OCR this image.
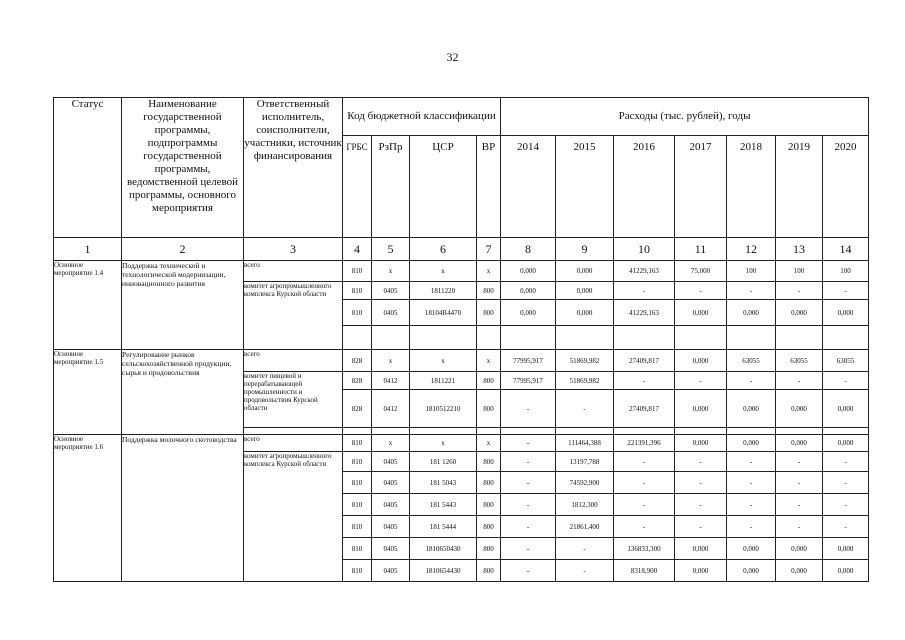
32
Статус	Наименование государственной программы, подпрограммы государственной программы, ведомственной целевой программы, основного мероприятия	Ответственный исполнитель, соисполнители, участники, источник финансирования	Код бюджетной классификации				Расходы (тыс. рублей), годы						
			ГРБС	РзПр	ЦСР	ВР	2014	2015	2016	2017	2018	2019	2020
1	2	3	4	5	6	7	8	9	10	11	12	13	14
Основное мероприятие 1.4	Поддержка технической и технологической модернизации, инновационного развития	всего	810	х	х	х	0,000	0,000	41229,163	75,000	100	100	100
		комитет агропромышленного комплекса Курской области	810	0405	1811220	800	0,000	0,000	-	-	-	-	-
			810	0405	18104R4470	800	0,000	0,000	41229,163	0,000	0,000	0,000	0,000

Основное мероприятие 1.5	Регулирование рынков сельскохозяйственной продукции, сырья и продовольствия	всего	828	х	х	х	77995,917	51869,982	27409,817	0,000	63055	63055	63055
		комитет пищевой и перерабатывающей промышленности и продовольствия Курской области	828	0412	1811221	800	77995,917	51869,982	-	-	-	-	-
			828	0412	1810512210	800	-	-	27409,817	0,000	0,000	0,000	0,000

Основное мероприятие 1.6	Поддержка молочного скотоводства	всего	810	х	х	х	-	111464,388	221391,396	0,000	0,000	0,000	0,000
		комитет агропромышленного комплекса Курской области	810	0405	181 1260	800	-	13197,788	-	-	-	-	-
			810	0405	181 5043	800	-	74592,900	-	-	-	-	-
			810	0405	181 5443	800	-	1812,300	-	-	-	-	-
			810	0405	181 5444	800	-	21861,400	-	-	-	-	-
			810	0405	1810650430	800	-	-	136833,300	0,000	0,000	0,000	0,000
			810	0405	1810654430	800	-	-	8318,900	0,000	0,000	0,000	0,000
